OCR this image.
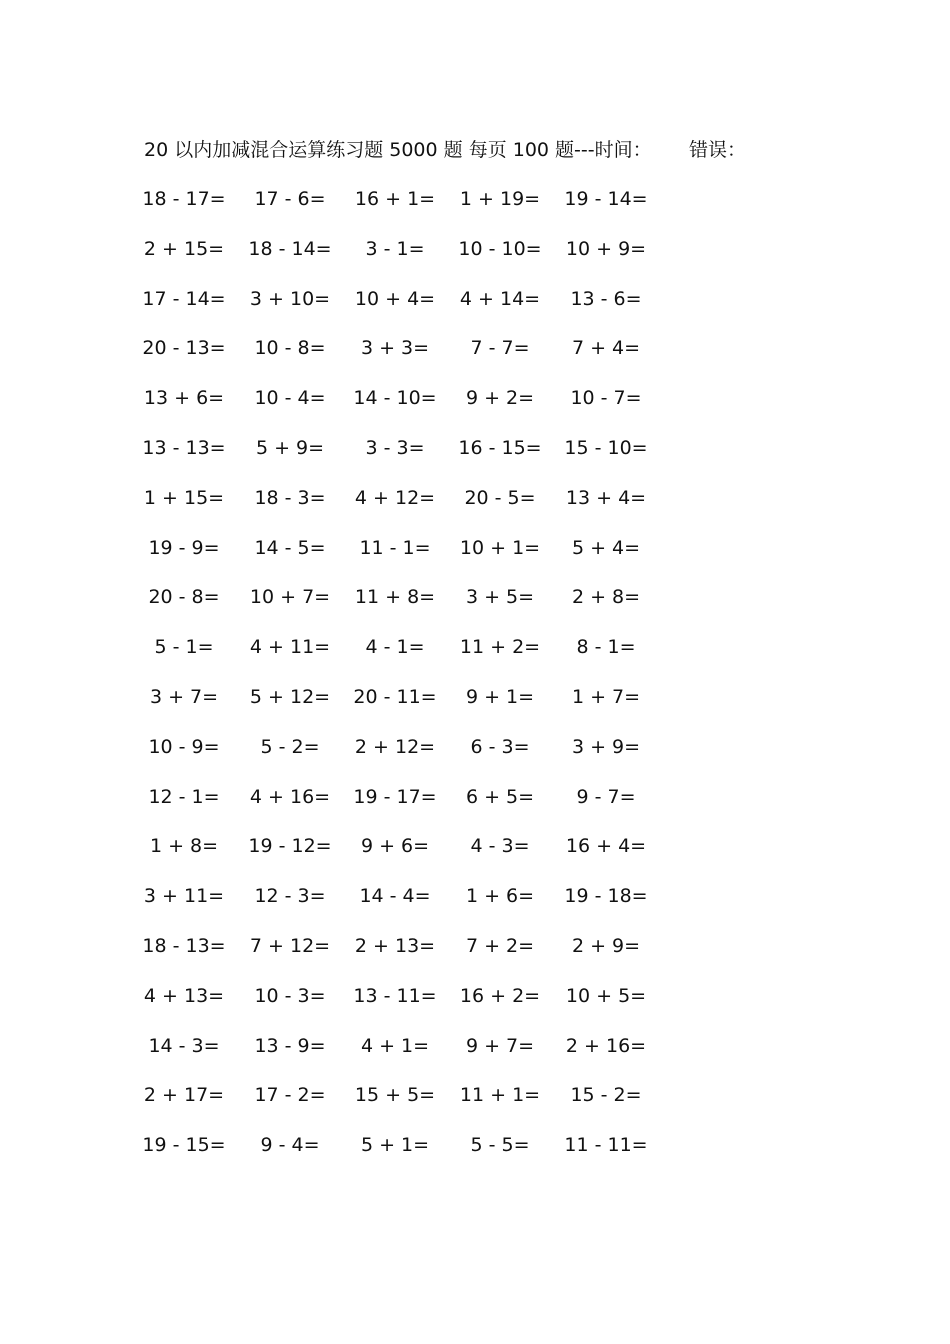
20 以内加减混合运算练习题 5000 题 每页 100 题---时间： 错误：
18 - 17=	17 - 6=	16 + 1=	1 + 19=	19 - 14=
2 + 15=	18 - 14=	3 - 1=	10 - 10=	10 + 9=
17 - 14=	3 + 10=	10 + 4=	4 + 14=	13 - 6=
20 - 13=	10 - 8=	3 + 3=	7 - 7=	7 + 4=
13 + 6=	10 - 4=	14 - 10=	9 + 2=	10 - 7=
13 - 13=	5 + 9=	3 - 3=	16 - 15=	15 - 10=
1 + 15=	18 - 3=	4 + 12=	20 - 5=	13 + 4=
19 - 9=	14 - 5=	11 - 1=	10 + 1=	5 + 4=
20 - 8=	10 + 7=	11 + 8=	3 + 5=	2 + 8=
5 - 1=	4 + 11=	4 - 1=	11 + 2=	8 - 1=
3 + 7=	5 + 12=	20 - 11=	9 + 1=	1 + 7=
10 - 9=	5 - 2=	2 + 12=	6 - 3=	3 + 9=
12 - 1=	4 + 16=	19 - 17=	6 + 5=	9 - 7=
1 + 8=	19 - 12=	9 + 6=	4 - 3=	16 + 4=
3 + 11=	12 - 3=	14 - 4=	1 + 6=	19 - 18=
18 - 13=	7 + 12=	2 + 13=	7 + 2=	2 + 9=
4 + 13=	10 - 3=	13 - 11=	16 + 2=	10 + 5=
14 - 3=	13 - 9=	4 + 1=	9 + 7=	2 + 16=
2 + 17=	17 - 2=	15 + 5=	11 + 1=	15 - 2=
19 - 15=	9 - 4=	5 + 1=	5 - 5=	11 - 11=
